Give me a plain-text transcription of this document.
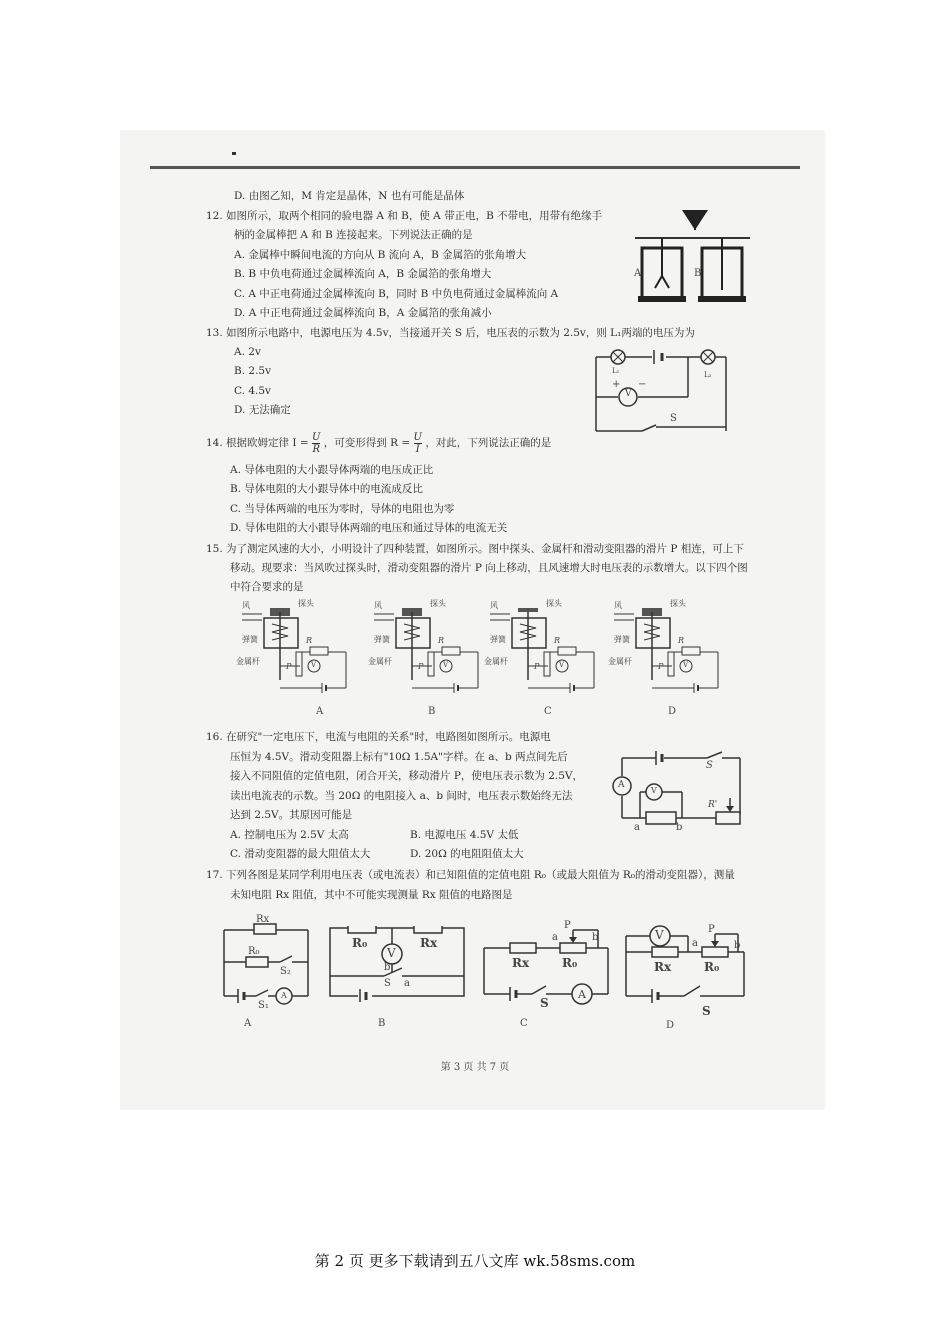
D. 由图乙知，M 肯定是晶体，N 也有可能是晶体
12. 如图所示，取两个相同的验电器 A 和 B，使 A 带正电，B 不带电，用带有绝缘手
柄的金属棒把 A 和 B 连接起来。下列说法正确的是
A. 金属棒中瞬间电流的方向从 B 流向 A，B 金属箔的张角增大
B. B 中负电荷通过金属棒流向 A，B 金属箔的张角增大
C. A 中正电荷通过金属棒流向 B，同时 B 中负电荷通过金属棒流向 A
D. A 中正电荷通过金属棒流向 B，A 金属箔的张角减小
A	B
13. 如图所示电路中，电源电压为 4.5v，当接通开关 S 后，电压表的示数为 2.5v，则 L₁两端的电压为为
A. 2v
B. 2.5v
C. 4.5v
D. 无法确定
V
L₁	L₂
+ −
S
14. 根据欧姆定律 $I = \frac{U}{R}$ ，可变形得到 $R = \frac{U}{I}$ ，对此，下列说法正确的是
A. 导体电阻的大小跟导体两端的电压成正比
B. 导体电阻的大小跟导体中的电流成反比
C. 当导体两端的电压为零时，导体的电阻也为零
D. 导体电阻的大小跟导体两端的电压和通过导体的电流无关
15. 为了测定风速的大小，小明设计了四种装置，如图所示。图中探头、金属杆和滑动变阻器的滑片 P 相连，可上下
移动。现要求：当风吹过探头时，滑动变阻器的滑片 P 向上移动，且风速增大时电压表的示数增大。以下四个图
中符合要求的是
风	探头
弹簧
金属杆
P
R
V
A
风	探头
弹簧
金属杆
P
R
V
B
风	探头
弹簧
金属杆
P
R
V
C
风	探头
弹簧
金属杆
P
R
V
D
16. 在研究"一定电压下，电流与电阻的关系"时，电路图如图所示。电源电
压恒为 4.5V。滑动变阻器上标有"10Ω 1.5A"字样。在 a、b 两点间先后
接入不同阻值的定值电阻，闭合开关，移动滑片 P，使电压表示数为 2.5V，
读出电流表的示数。当 20Ω 的电阻接入 a、b 间时，电压表示数始终无法
达到 2.5V。其原因可能是
A. 控制电压为 2.5V 太高	B. 电源电压 4.5V 太低
C. 滑动变阻器的最大阻值太大	D. 20Ω 的电阻阻值太大
A
V
S
R'
a	b
17. 下列各图是某同学利用电压表（或电流表）和已知阻值的定值电阻 R₀（或最大阻值为 R₀的滑动变阻器），测量
未知电阻 Rx 阻值，其中不可能实现测量 Rx 阻值的电路图是
Rx
R₀
S₂
S₁
A
R₀	Rx
V
b
S a
Rx	R₀
a	b
P
S
A
V
Rx	R₀
a	b
P
S
A	B	C	D
第 3 页 共 7 页
第 2 页 更多下载请到五八文库 wk.58sms.com
